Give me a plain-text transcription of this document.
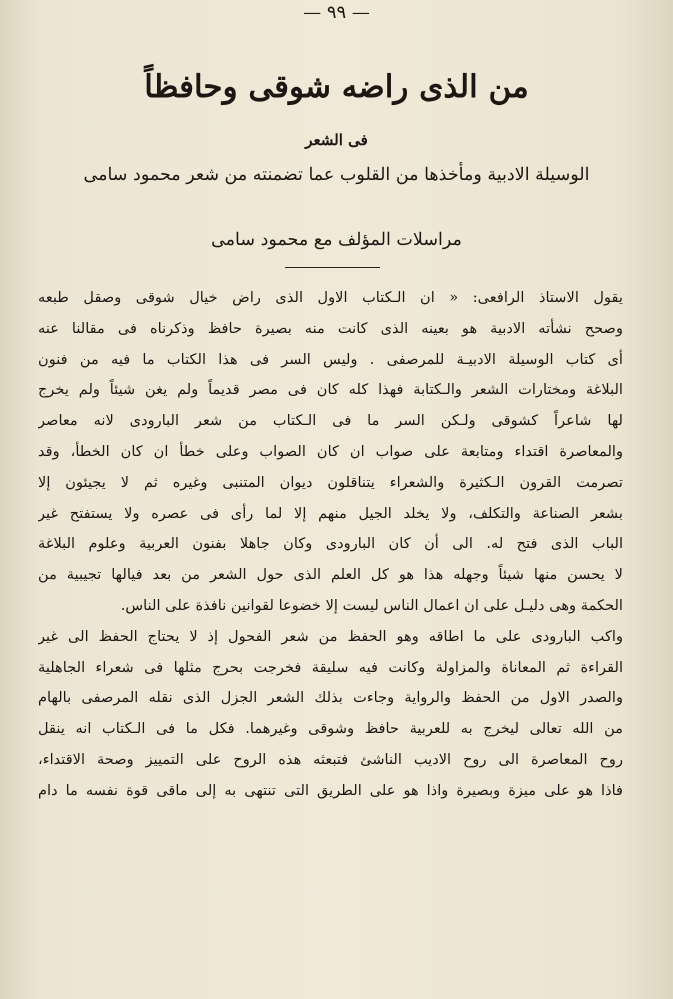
— ٩٩ —
من الذى راضه شوقى وحافظاً
فى الشعر
الوسيلة الادبية ومأخذها من القلوب عما تضمنته من شعر محمود سامى
مراسلات المؤلف مع محمود سامى
يقول الاستاذ الرافعى: « ان الـكتاب الاول الذى راض خيال شوقى وصقل طبعه
وصحح نشأته الادبية هو بعينه الذى كانت منه بصيرة حافظ وذكرناه فى مقالنا عنه
أى كتاب الوسيلة الادبيـة للمرصفى . وليس السر فى هذا الكتاب ما فيه من فنون
البلاغة ومختارات الشعر والـكتابة فهذا كله كان فى مصر قديماً ولم يغن شيئاً ولم يخرج
لها شاعراً كشوقى ولـكن السر ما فى الـكتاب من شعر البارودى لانه معاصر
والمعاصرة اقتداء ومتابعة على صواب ان كان الصواب وعلى خطأ ان كان الخطأ، وقد
تصرمت القرون الـكثيرة والشعراء يتناقلون ديوان المتنبى وغيره ثم لا يجيئون إلا
بشعر الصناعة والتكلف، ولا يخلد الجيل منهم إلا لما رأى فى عصره ولا يستفتح غير
الباب الذى فتح له. الى أن كان البارودى وكان جاهلا بفنون العربية وعلوم البلاغة
لا يحسن منها شيئاً وجهله هذا هو كل العلم الذى حول الشعر من بعد فيالها تجيبية من
الحكمة وهى دليـل على ان اعمال الناس ليست إلا خضوعا لقوانين نافذة على الناس.
واكب البارودى على ما اطاقه وهو الحفظ من شعر الفحول إذ لا يحتاج الحفظ الى غير
القراءة ثم المعاناة والمزاولة وكانت فيه سليقة فخرجت بحرج مثلها فى شعراء الجاهلية
والصدر الاول من الحفظ والرواية وجاءت بذلك الشعر الجزل الذى نقله المرصفى بالهام
من الله تعالى ليخرج به للعربية حافظ وشوقى وغيرهما. فكل ما فى الـكتاب انه ينقل
روح المعاصرة الى روح الاديب الناشئ فتبعثه هذه الروح على التمييز وصحة الاقتداء،
فاذا هو على ميزة وبصيرة واذا هو على الطريق التى تنتهى به إلى ماقى قوة نفسه ما دام
